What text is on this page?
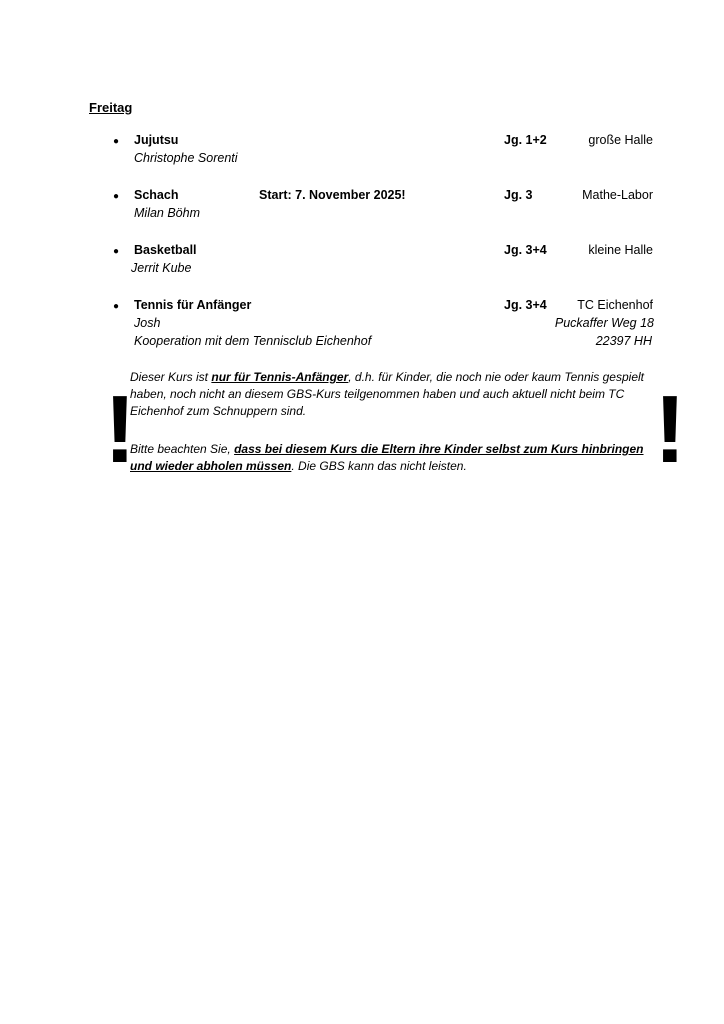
Freitag
● Jujutsu	Jg. 1+2	große Halle
Christophe Sorenti
● Schach	Start: 7. November 2025!	Jg. 3	Mathe-Labor
Milan Böhm
● Basketball	Jg. 3+4	kleine Halle
Jerrit Kube
● Tennis für Anfänger	Jg. 3+4 TC Eichenhof
Josh	Puckaffer Weg 18
Kooperation mit dem Tennisclub Eichenhof	22397 HH
!	!
Dieser Kurs ist nur für Tennis-Anfänger, d.h. für Kinder, die noch nie oder kaum Tennis gespielt haben, noch nicht an diesem GBS-Kurs teilgenommen haben und auch aktuell nicht beim TC Eichenhof zum Schnuppern sind.
Bitte beachten Sie, dass bei diesem Kurs die Eltern ihre Kinder selbst zum Kurs hinbringen und wieder abholen müssen. Die GBS kann das nicht leisten.
